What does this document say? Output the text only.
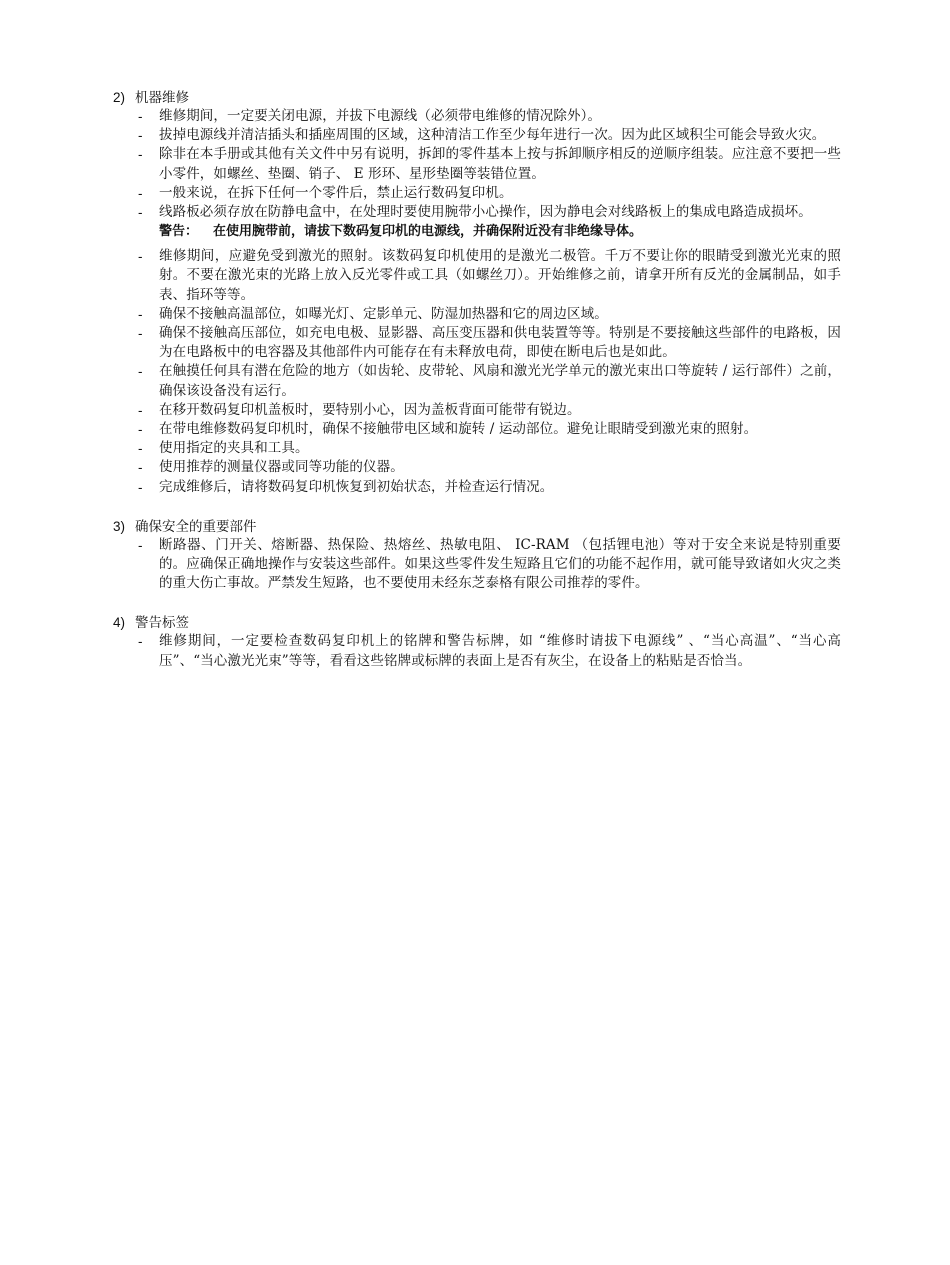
2) 机器维修
- 维修期间，一定要关闭电源，并拔下电源线（必须带电维修的情况除外）。
- 拔掉电源线并清洁插头和插座周围的区域，这种清洁工作至少每年进行一次。因为此区域积尘可能会导致火灾。
- 除非在本手册或其他有关文件中另有说明，拆卸的零件基本上按与拆卸顺序相反的逆顺序组装。应注意不要把一些小零件，如螺丝、垫圈、销子、 E 形环、星形垫圈等装错位置。
- 一般来说，在拆下任何一个零件后，禁止运行数码复印机。
- 线路板必须存放在防静电盒中，在处理时要使用腕带小心操作，因为静电会对线路板上的集成电路造成损坏。
警告： 在使用腕带前，请拔下数码复印机的电源线，并确保附近没有非绝缘导体。
- 维修期间，应避免受到激光的照射。该数码复印机使用的是激光二极管。千万不要让你的眼睛受到激光光束的照射。不要在激光束的光路上放入反光零件或工具（如螺丝刀）。开始维修之前，请拿开所有反光的金属制品，如手表、指环等等。
- 确保不接触高温部位，如曝光灯、定影单元、防湿加热器和它的周边区域。
- 确保不接触高压部位，如充电电极、显影器、高压变压器和供电装置等等。特别是不要接触这些部件的电路板，因为在电路板中的电容器及其他部件内可能存在有未释放电荷，即使在断电后也是如此。
- 在触摸任何具有潜在危险的地方（如齿轮、皮带轮、风扇和激光光学单元的激光束出口等旋转 / 运行部件）之前，确保该设备没有运行。
- 在移开数码复印机盖板时，要特别小心，因为盖板背面可能带有锐边。
- 在带电维修数码复印机时，确保不接触带电区域和旋转 / 运动部位。避免让眼睛受到激光束的照射。
- 使用指定的夹具和工具。
- 使用推荐的测量仪器或同等功能的仪器。
- 完成维修后，请将数码复印机恢复到初始状态，并检查运行情况。
3) 确保安全的重要部件
- 断路器、门开关、熔断器、热保险、热熔丝、热敏电阻、 IC-RAM （包括锂电池）等对于安全来说是特别重要的。应确保正确地操作与安装这些部件。如果这些零件发生短路且它们的功能不起作用，就可能导致诸如火灾之类的重大伤亡事故。严禁发生短路，也不要使用未经东芝泰格有限公司推荐的零件。
4) 警告标签
- 维修期间，一定要检查数码复印机上的铭牌和警告标牌，如 “维修时请拔下电源线” 、“当心高温”、“当心高压”、“当心激光光束”等等，看看这些铭牌或标牌的表面上是否有灰尘，在设备上的粘贴是否恰当。
